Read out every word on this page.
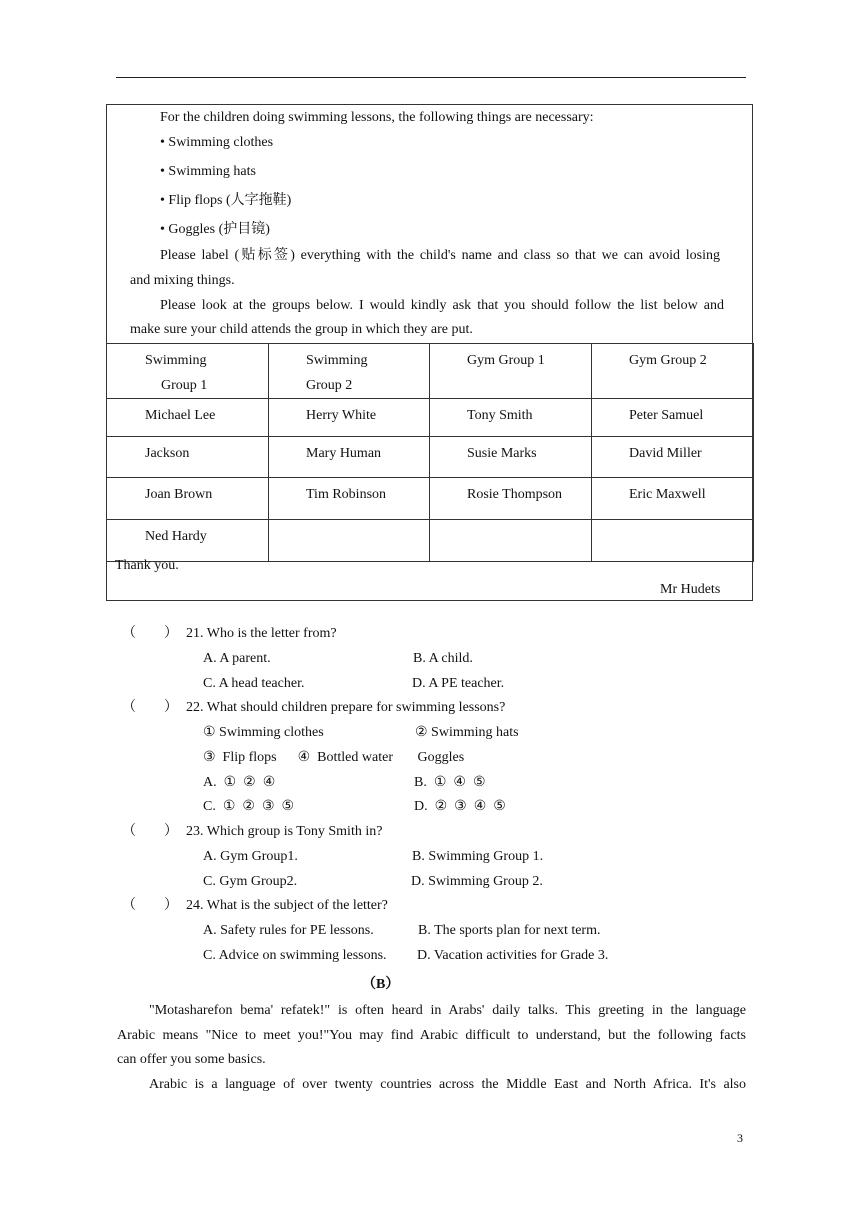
For the children doing swimming lessons, the following things are necessary:
• Swimming clothes
• Swimming hats
• Flip flops (人字拖鞋)
• Goggles (护目镜)
Please label (贴标签) everything with the child's name and class so that we can avoid losing
and mixing things.
Please look at the groups below. I would kindly ask that you should follow the list below and
make sure your child attends the group in which they are put.
Swimming
Group 1	Swimming
Group 2	Gym Group 1	Gym Group 2
Michael Lee	Herry White	Tony Smith	Peter Samuel
Jackson	Mary Human	Susie Marks	David Miller
Joan Brown	Tim Robinson	Rosie Thompson	Eric Maxwell
Ned Hardy			
Thank you.
Mr Hudets
（　　） 21. Who is the letter from?
A. A parent.	B. A child.
C. A head teacher.	D. A PE teacher.
（　　） 22. What should children prepare for swimming lessons?
① Swimming clothes	② Swimming hats
③  Flip flops      ④  Bottled water       Goggles
A.  ①  ②  ④	B.  ①  ④  ⑤
C.  ①  ②  ③  ⑤	D.  ②  ③  ④  ⑤
（　　） 23. Which group is Tony Smith in?
A. Gym Group1.	B. Swimming Group 1.
C. Gym Group2.	D. Swimming Group 2.
（　　） 24. What is the subject of the letter?
A. Safety rules for PE lessons.	B. The sports plan for next term.
C. Advice on swimming lessons. D. Vacation activities for Grade 3.
（B）
"Motasharefon bema' refatek!" is often heard in Arabs' daily talks. This greeting in the language
Arabic means "Nice to meet you!"You may find Arabic difficult to understand, but the following facts
can offer you some basics.
Arabic is a language of over twenty countries across the Middle East and North Africa. It's also
3
